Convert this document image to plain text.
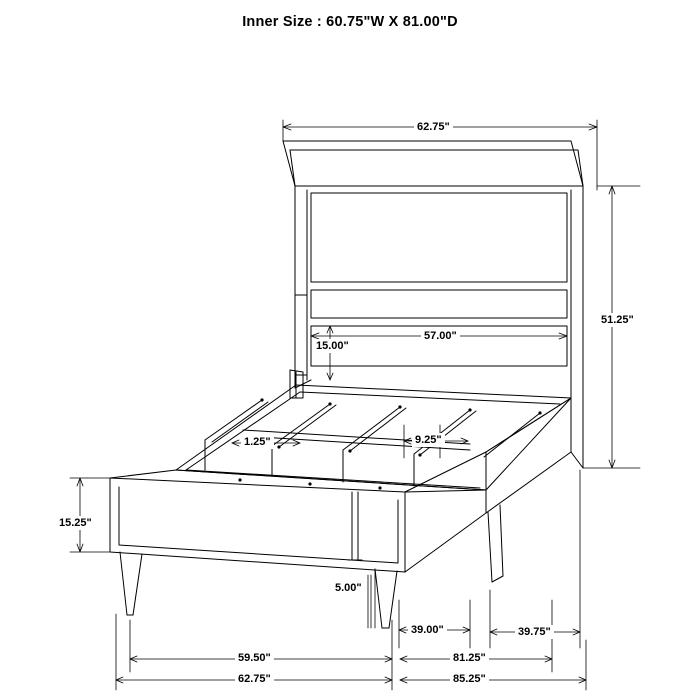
Inner Size : 60.75"W X 81.00"D
62.75"
51.25"
57.00"
15.00"
1.25"	9.25"
15.25"
5.00"
39.00"	39.75"
59.50"	81.25"
62.75"	85.25"
